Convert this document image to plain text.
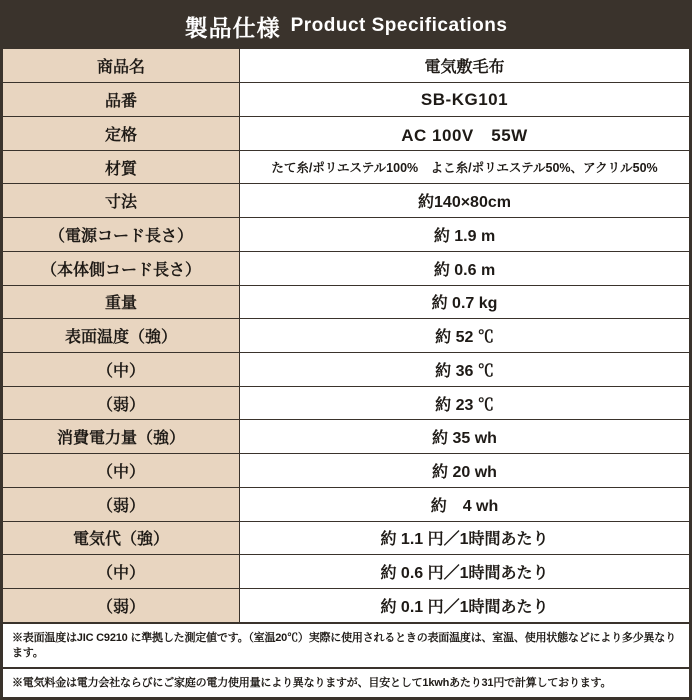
製品仕様 Product Specifications
商品名	電気敷毛布
品番	SB-KG101
定格	AC 100V　55W
材質	たて糸/ポリエステル100%　よこ糸/ポリエステル50%、アクリル50%
寸法	約140×80cm
（電源コード長さ）	約 1.9 m
（本体側コード長さ）	約 0.6 m
重量	約 0.7 kg
表面温度（強）	約 52 ℃
（中）	約 36 ℃
（弱）	約 23 ℃
消費電力量（強）	約 35 wh
（中）	約 20 wh
（弱）	約　4 wh
電気代（強）	約 1.1 円／1時間あたり
（中）	約 0.6 円／1時間あたり
（弱）	約 0.1 円／1時間あたり
※表面温度はJIC C9210 に準拠した測定値です。（室温20℃）実際に使用されるときの表面温度は、室温、使用状態などにより多少異なります。
※電気料金は電力会社ならびにご家庭の電力使用量により異なりますが、目安として1kwhあたり31円で計算しております。
